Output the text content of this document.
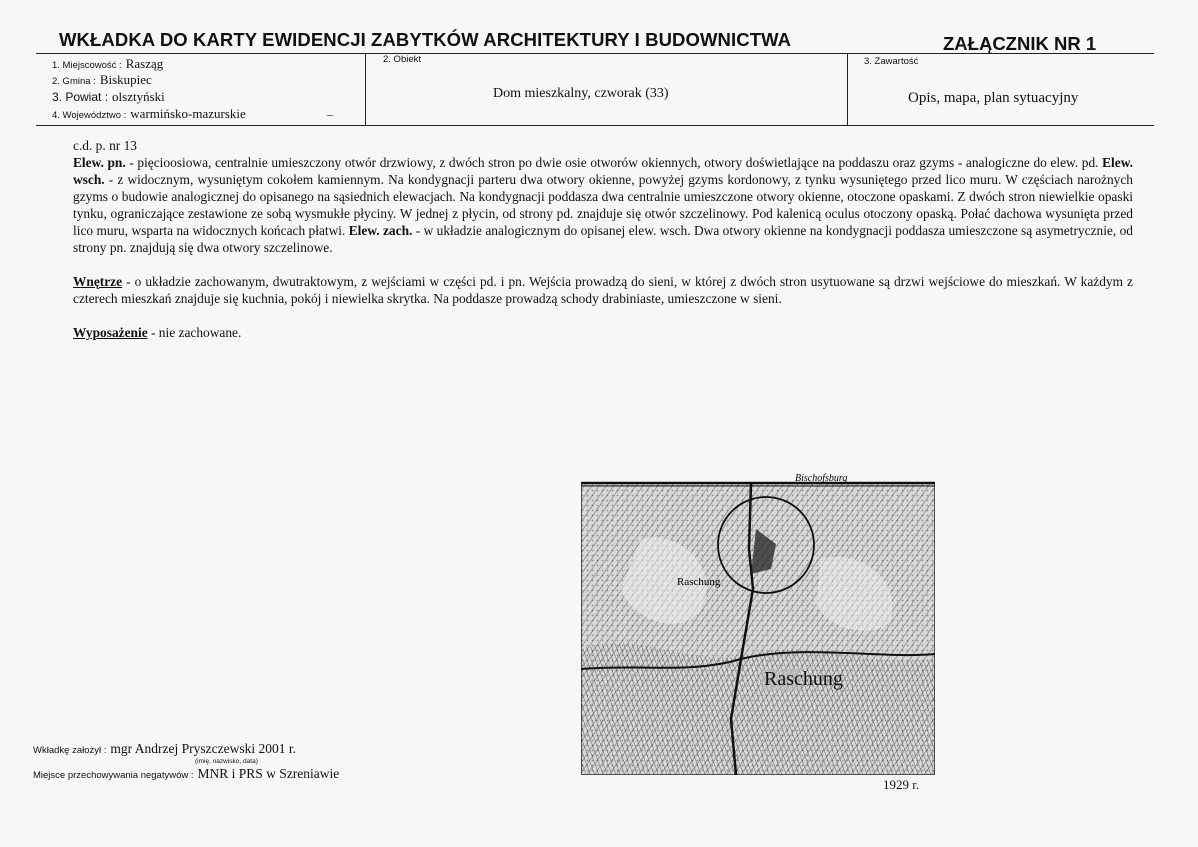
WKŁADKA DO KARTY EWIDENCJI ZABYTKÓW ARCHITEKTURY I BUDOWNICTWA	ZAŁĄCZNIK NR 1
1. Miejscowość : Rasząg
2. Gmina : Biskupiec
3. Powiat : olsztyński
4. Województwo : warmińsko-mazurskie
2. Obiekt
Dom mieszkalny, czworak (33)
3. Zawartość
Opis, mapa, plan sytuacyjny

c.d. p. nr 13

Elew. pn. - pięcioosiowa, centralnie umieszczony otwór drzwiowy, z dwóch stron po dwie osie otworów okiennych, otwory doświetlające na poddaszu oraz gzyms - analogiczne do elew. pd. Elew. wsch. - z widocznym, wysuniętym cokołem kamiennym. Na kondygnacji parteru dwa otwory okienne, powyżej gzyms kordonowy, z tynku wysuniętego przed lico muru. W częściach narożnych gzyms o budowie analogicznej do opisanego na sąsiednich elewacjach. Na kondygnacji poddasza dwa centralnie umieszczone otwory okienne, otoczone opaskami. Z dwóch stron niewielkie opaski tynku, ograniczające zestawione ze sobą wysmukłe płyciny. W jednej z płycin, od strony pd. znajduje się otwór szczelinowy. Pod kalenicą oculus otoczony opaską. Połać dachowa wysunięta przed lico muru, wsparta na widocznych końcach płatwi. Elew. zach. - w układzie analogicznym do opisanej elew. wsch. Dwa otwory okienne na kondygnacji poddasza umieszczone są asymetrycznie, od strony pn. znajdują się dwa otwory szczelinowe.

Wnętrze - o układzie zachowanym, dwutraktowym, z wejściami w części pd. i pn. Wejścia prowadzą do sieni, w której z dwóch stron usytuowane są drzwi wejściowe do mieszkań. W każdym z czterech mieszkań znajduje się kuchnia, pokój i niewielka skrytka. Na poddasze prowadzą schody drabiniaste, umieszczone w sieni.

Wyposażenie - nie zachowane.

Bischofsburg
Raschung
Raschung
1929 r.
Wkładkę założył : mgr Andrzej Pryszczewski 2001 r.
(imię, nazwisko, data)
Miejsce przechowywania negatywów : MNR i PRS w Szreniawie
